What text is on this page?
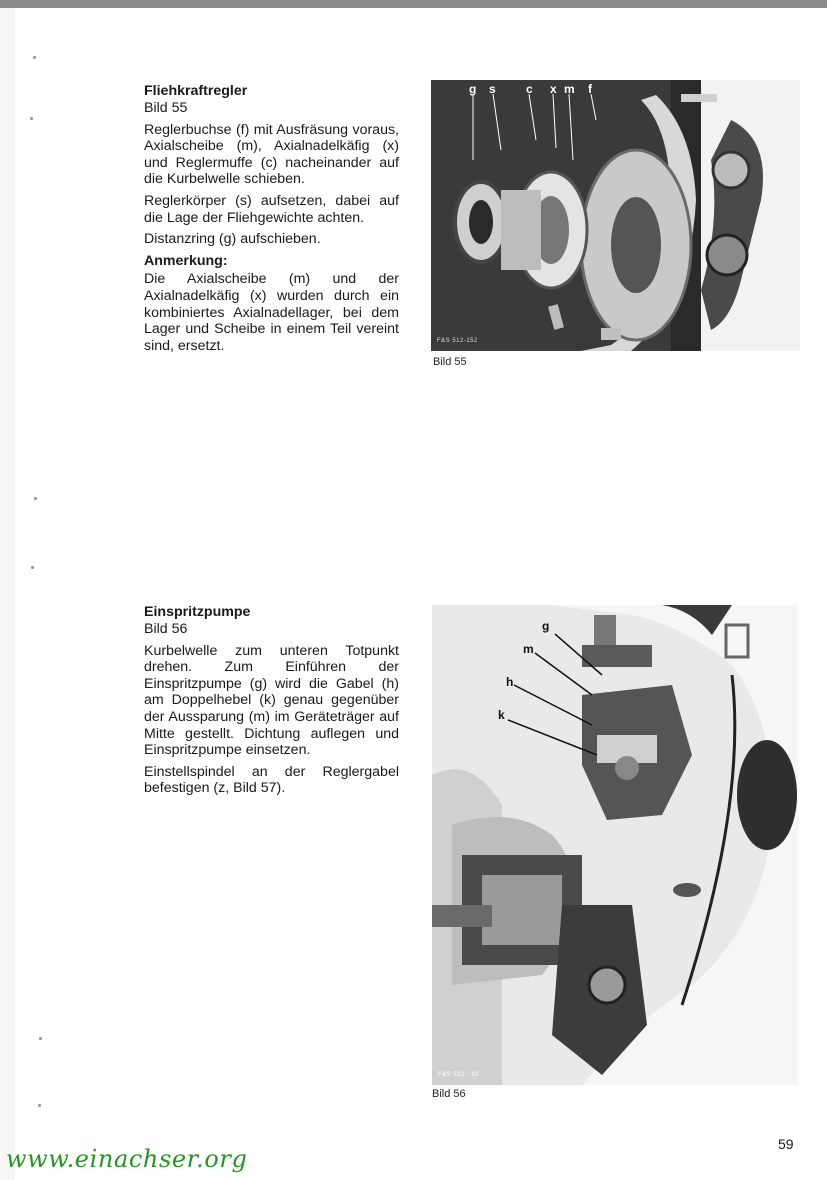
Fliehkraftregler
Bild 55

Reglerbuchse (f) mit Ausfräsung voraus, Axialscheibe (m), Axialnadelkäfig (x) und Reglermuffe (c) nacheinander auf die Kurbelwelle schieben.

Reglerkörper (s) aufsetzen, dabei auf die Lage der Fliehgewichte achten.

Distanzring (g) aufschieben.

Anmerkung:

Die Axialscheibe (m) und der Axialnadelkäfig (x) wurden durch ein kombiniertes Axialnadellager, bei dem Lager und Scheibe in einem Teil vereint sind, ersetzt.

g s	c x m f
F&S 512-152
Bild 55
Einspritzpumpe
Bild 56

Kurbelwelle zum unteren Totpunkt drehen. Zum Einführen der Einspritzpumpe (g) wird die Gabel (h) am Doppelhebel (k) genau gegenüber der Aussparung (m) im Geräteträger auf Mitte gestellt. Dichtung auflegen und Einspritzpumpe einsetzen.

Einstellspindel an der Reglergabel befestigen (z, Bild 57).

g
m
h
k
F&S 522 : 93
Bild 56
59
www.einachser.org
